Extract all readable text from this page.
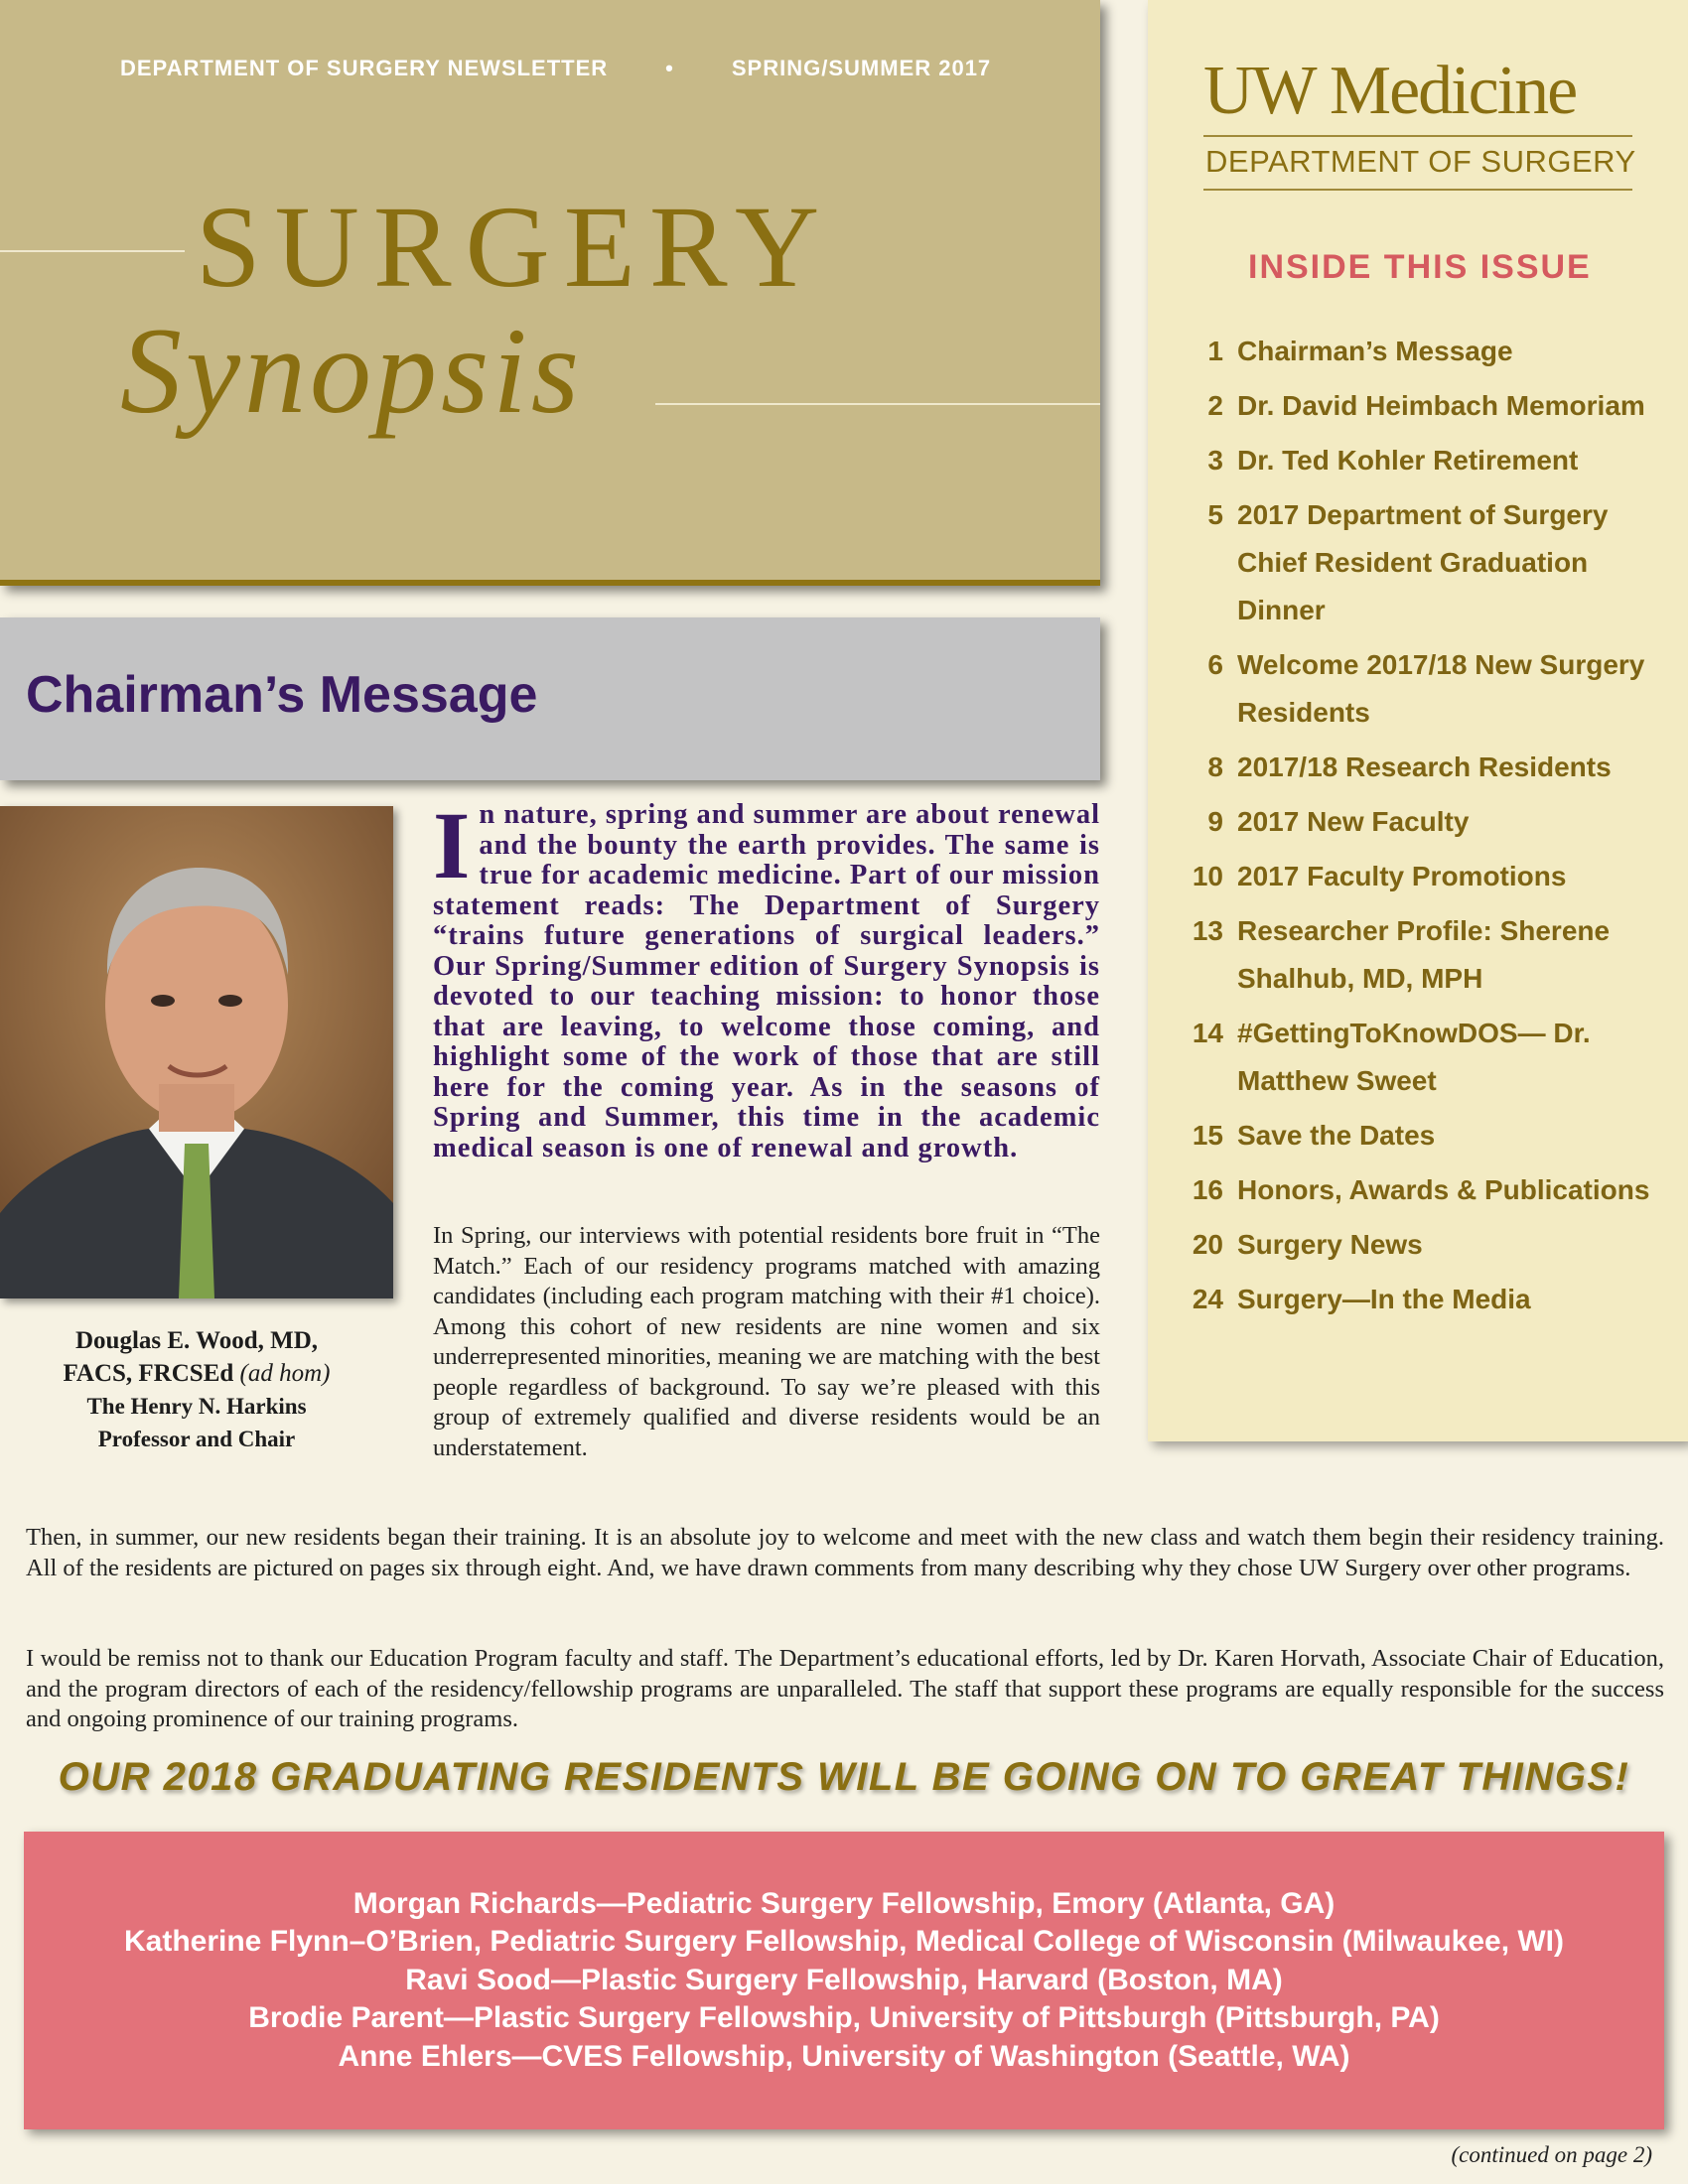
DEPARTMENT OF SURGERY NEWSLETTER	•	SPRING/SUMMER 2017
SURGERY
Synopsis
UW Medicine
DEPARTMENT OF SURGERY
INSIDE THIS ISSUE
1 Chairman’s Message
2 Dr. David Heimbach Memoriam
3 Dr. Ted Kohler Retirement
5 2017 Department of Surgery Chief Resident Graduation Dinner
6 Welcome 2017/18 New Surgery Residents
8 2017/18 Research Residents
9 2017 New Faculty
10 2017 Faculty Promotions
13 Researcher Profile: Sherene Shalhub, MD, MPH
14 #GettingToKnowDOS— Dr. Matthew Sweet
15 Save the Dates
16 Honors, Awards & Publications
20 Surgery News
24 Surgery—In the Media
Chairman’s Message
Douglas E. Wood, MD,
FACS, FRCSEd (ad hom)
The Henry N. Harkins
Professor and Chair

In nature, spring and summer are about renewal and the bounty the earth provides. The same is true for academic medicine. Part of our mission statement reads: The Department of Surgery “trains future generations of surgical leaders.” Our Spring/Summer edition of Surgery Synopsis is devoted to our teaching mission: to honor those that are leaving, to welcome those coming, and highlight some of the work of those that are still here for the coming year. As in the seasons of Spring and Summer, this time in the academic medical season is one of renewal and growth.

In Spring, our interviews with potential residents bore fruit in “The Match.” Each of our residency programs matched with amazing candidates (including each program matching with their #1 choice). Among this cohort of new residents are nine women and six underrepresented minorities, meaning we are matching with the best people regardless of background. To say we’re pleased with this group of extremely qualified and diverse residents would be an understatement.

Then, in summer, our new residents began their training. It is an absolute joy to welcome and meet with the new class and watch them begin their residency training. All of the residents are pictured on pages six through eight. And, we have drawn comments from many describing why they chose UW Surgery over other programs.

I would be remiss not to thank our Education Program faculty and staff. The Department’s educational efforts, led by Dr. Karen Horvath, Associate Chair of Education, and the program directors of each of the residency/fellowship programs are unparalleled. The staff that support these programs are equally responsible for the success and ongoing prominence of our training programs.

OUR 2018 GRADUATING RESIDENTS WILL BE GOING ON TO GREAT THINGS!
Morgan Richards—Pediatric Surgery Fellowship, Emory (Atlanta, GA)
Katherine Flynn–O’Brien, Pediatric Surgery Fellowship, Medical College of Wisconsin (Milwaukee, WI)
Ravi Sood—Plastic Surgery Fellowship, Harvard (Boston, MA)
Brodie Parent—Plastic Surgery Fellowship, University of Pittsburgh (Pittsburgh, PA)
Anne Ehlers—CVES Fellowship, University of Washington (Seattle, WA)
(continued on page 2)
